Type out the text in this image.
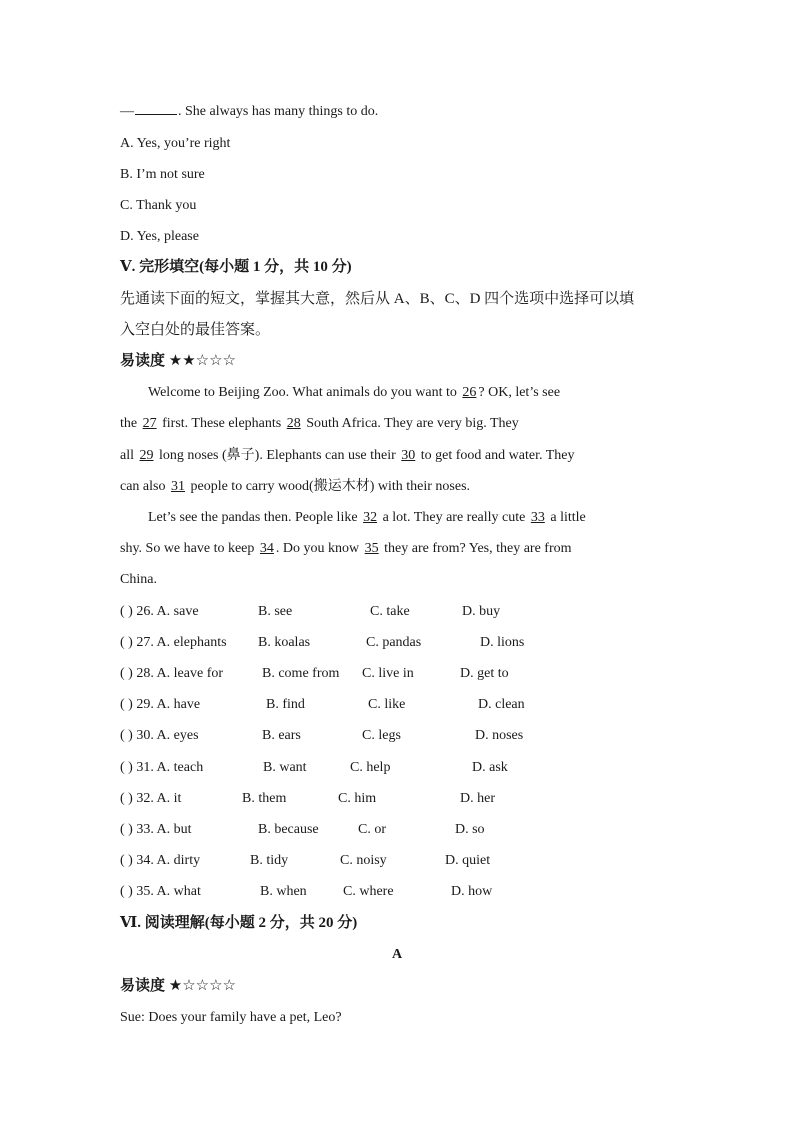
—	. She always has many things to do.
A. Yes, you’re right
B. I’m not sure
C. Thank you
D. Yes, please
Ⅴ. 完形填空(每小题 1 分，共 10 分)
先通读下面的短文，掌握其大意，然后从 A、B、C、D 四个选项中选择可以填
入空白处的最佳答案。
易读度 ★★☆☆☆
Welcome to Beijing Zoo. What animals do you want to 26 ? OK, let’s see
the 27 first. These elephants 28 South Africa. They are very big. They
all 29 long noses (鼻子). Elephants can use their 30 to get food and water. They
can also 31 people to carry wood(搬运木材) with their noses.
Let’s see the pandas then. People like 32 a lot. They are really cute 33 a little
shy. So we have to keep 34 . Do you know 35 they are from? Yes, they are from
China.
( ) 26. A. save	B. see	C. take	D. buy
( ) 27. A. elephants B. koalas	C. pandas	D. lions
( ) 28. A. leave for	B. come from C. live in	D. get to
( ) 29. A. have	B. find	C. like	D. clean
( ) 30. A. eyes	B. ears	C. legs	D. noses
( ) 31. A. teach	B. want	C. help	D. ask
( ) 32. A. it	B. them	C. him	D. her
( ) 33. A. but	B. because	C. or	D. so
( ) 34. A. dirty	B. tidy	C. noisy	D. quiet
( ) 35. A. what	B. when	C. where	D. how
Ⅵ. 阅读理解(每小题 2 分，共 20 分)
A
易读度 ★☆☆☆☆
Sue: Does your family have a pet, Leo?
